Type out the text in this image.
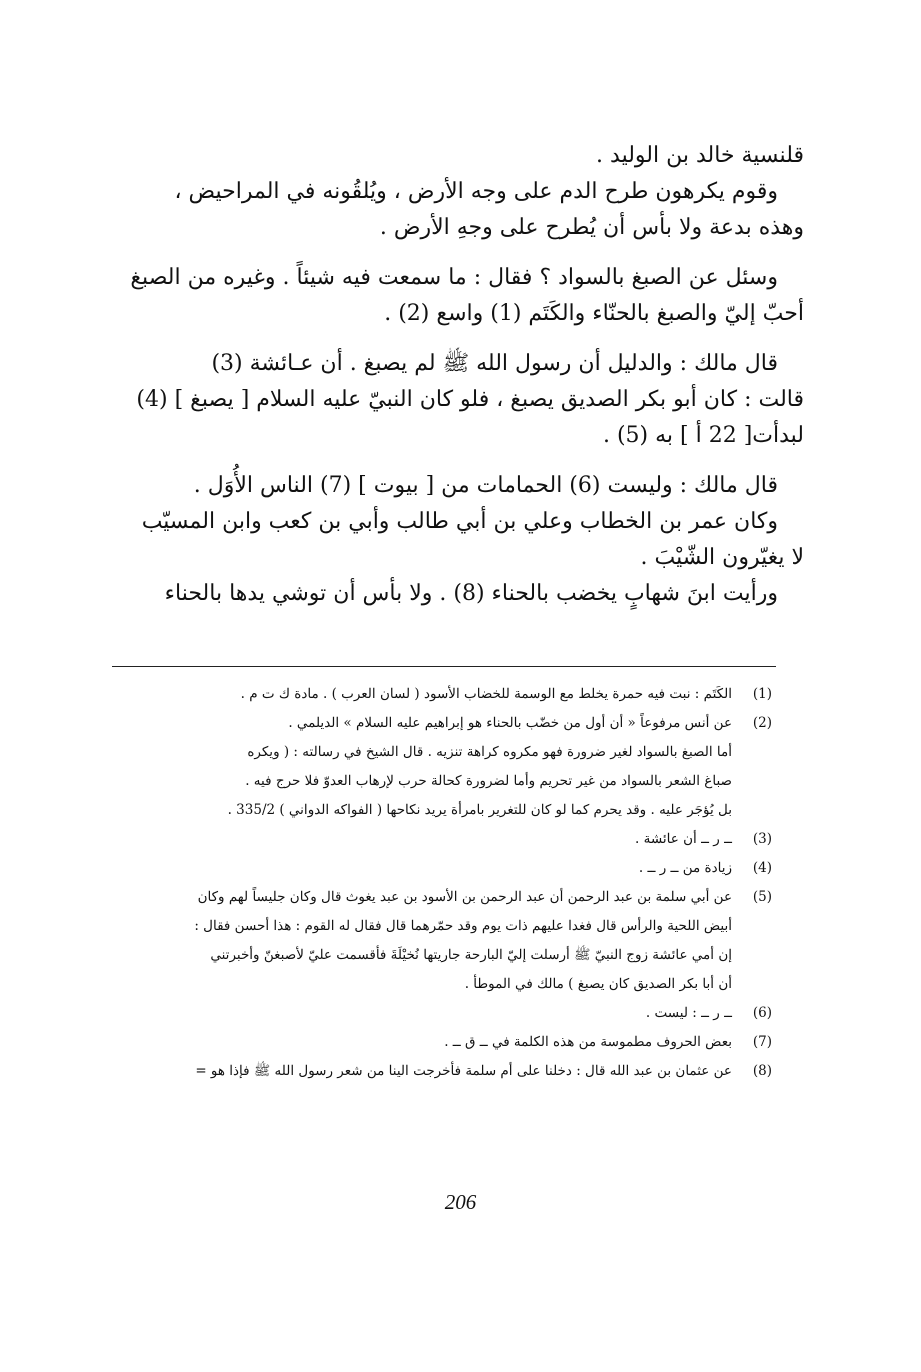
قلنسية خالد بن الوليد .

وقوم يكرهون طرح الدم على وجه الأرض ، ويُلقُونه في المراحيض ،

وهذه بدعة ولا بأس أن يُطرح على وجهِ الأرض .

وسئل عن الصبغ بالسواد ؟ فقال : ما سمعت فيه شيئاً . وغيره من الصبغ

أحبّ إليّ والصبغ بالحنّاء والكَتَم (1) واسع (2) .

قال مالك : والدليل أن رسول الله ﷺ لم يصبغ . أن عـائشة (3)

قالت : كان أبو بكر الصديق يصبغ ، فلو كان النبيّ عليه السلام [ يصبغ ] (4)

لبدأت[ 22 أ ] به (5) .

قال مالك : وليست (6) الحمامات من [ بيوت ] (7) الناس الأُوَل .

وكان عمر بن الخطاب وعلي بن أبي طالب وأبي بن كعب وابن المسيّب

لا يغيّرون الشّيْبَ .

ورأيت ابنَ شهابٍ يخضب بالحناء (8) . ولا بأس أن توشي يدها بالحناء

(1)
الكَتَم : نبت فيه حمرة يخلط مع الوسمة للخضاب الأسود ( لسان العرب ) . مادة ك ت م .
(2)
عن أنس مرفوعاً « أن أول من خضّب بالحناء هو إبراهيم عليه السلام » الديلمي .
أما الصبغ بالسواد لغير ضرورة فهو مكروه كراهة تنزيه . قال الشيخ في رسالته : ( ويكره
صباغ الشعر بالسواد من غير تحريم وأما لضرورة كحالة حرب لإرهاب العدوّ فلا حرج فيه .
بل يُؤجَر عليه . وقد يحرم كما لو كان للتغرير بامرأة يريد نكاحها ( الفواكه الدواني ) 335/2 .
(3)
ــ ر ــ أن عائشة .
(4)
زيادة من ــ ر ــ .
(5)
عن أبي سلمة بن عبد الرحمن أن عبد الرحمن بن الأسود بن عبد يغوث قال وكان جليساً لهم وكان
أبيض اللحية والرأس قال فغدا عليهم ذات يوم وقد حمّرهما قال فقال له القوم : هذا أحسن فقال :
إن أمي عائشة زوج النبيّ ﷺ أرسلت إليّ البارحة جاريتها نُخيْلَةَ فأقسمت عليّ لأصبغنّ وأخبرتني
أن أبا بكر الصديق كان يصبغ ) مالك في الموطأ .
(6)
ــ ر ــ : ليست .
(7)
بعض الحروف مطموسة من هذه الكلمة في ــ ق ــ .
(8)
عن عثمان بن عبد الله قال : دخلنا على أم سلمة فأخرجت الينا من شعر رسول الله ﷺ فإذا هو =
206
